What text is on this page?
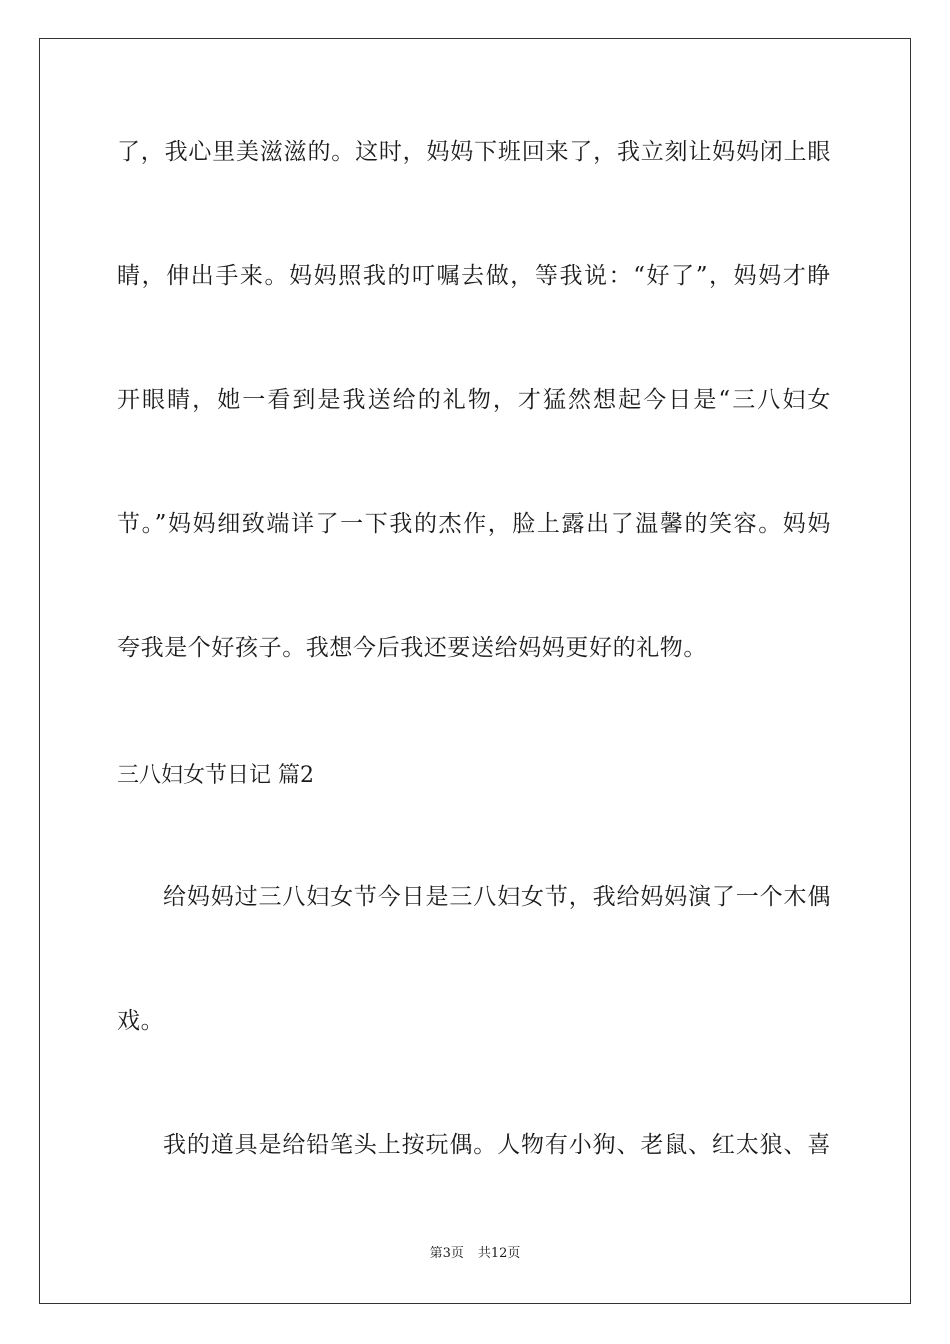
了，我心里美滋滋的。这时，妈妈下班回来了，我立刻让妈妈闭上眼
睛，伸出手来。妈妈照我的叮嘱去做，等我说：“好了”，妈妈才睁
开眼睛，她一看到是我送给的礼物，才猛然想起今日是“三八妇女
节。”妈妈细致端详了一下我的杰作，脸上露出了温馨的笑容。妈妈
夸我是个好孩子。我想今后我还要送给妈妈更好的礼物。
三八妇女节日记 篇2
给妈妈过三八妇女节今日是三八妇女节，我给妈妈演了一个木偶
戏。
我的道具是给铅笔头上按玩偶。人物有小狗、老鼠、红太狼、喜
第3页 共12页
